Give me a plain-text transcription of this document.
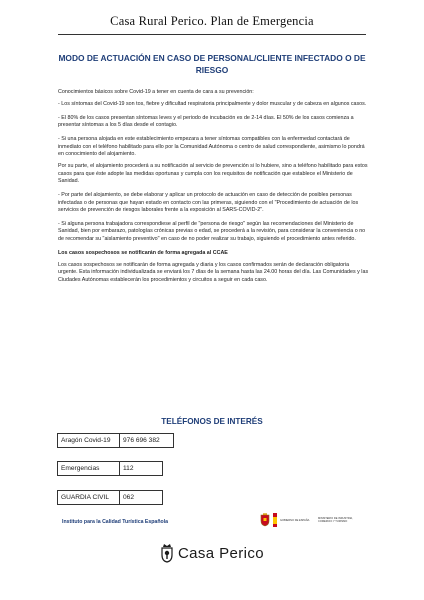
Casa Rural Perico. Plan de Emergencia
MODO DE ACTUACIÓN EN CASO DE PERSONAL/CLIENTE INFECTADO O DE RIESGO

Conocimientos básicos sobre Covid-19 a tener en cuenta de cara a su prevención:

- Los síntomas del Covid-19 son tos, fiebre y dificultad respiratoria principalmente y dolor muscular y de cabeza en algunos casos.

- El 80% de los casos presentan síntomas leves y el periodo de incubación es de 2-14 días. El 50% de los casos comienza a presentar síntomas a los 5 días desde el contagio.

- Si una persona alojada en este establecimiento empezara a tener síntomas compatibles con la enfermedad contactará de inmediato con el teléfono habilitado para ello por la Comunidad Autónoma o centro de salud correspondiente, asimismo lo pondrá en conocimiento del alojamiento.

Por su parte, el alojamiento procederá a su notificación al servicio de prevención si lo hubiere, sino a teléfono habilitado para estos casos para que éste adopte las medidas oportunas y cumpla con los requisitos de notificación que establece el Ministerio de Sanidad.

- Por parte del alojamiento, se debe elaborar y aplicar un protocolo de actuación en caso de detección de posibles personas infectadas o de personas que hayan estado en contacto con las primeras, siguiendo con el "Procedimiento de actuación de los servicios de prevención de riesgos laborales frente a la exposición al SARS-COVID-2".

- Si alguna persona trabajadora correspondiese al perfil de "persona de riesgo" según las recomendaciones del Ministerio de Sanidad, bien por embarazo, patologías crónicas previas o edad, se procederá a la revisión, para considerar la conveniencia o no de recomendar su "aislamiento preventivo" en caso de no poder realizar su trabajo, siguiendo el procedimiento antes referido.

Los casos sospechosos se notificarán de forma agregada al CCAE

Los casos sospechosos se notificarán de forma agregada y diaria y los casos confirmados serán de declaración obligatoria urgente. Esta información individualizada se enviará los 7 días de la semana hasta las 24.00 horas del día. Las Comunidades y las Ciudades Autónomas establecerán los procedimientos y circuitos a seguir en cada caso.

TELÉFONOS DE INTERÉS
Aragón Covid-19	976 696 382
Emergencias	112
GUARDIA CIVIL	062
Instituto para la Calidad Turística Española	GOBIERNO DE ESPAÑA	MINISTERIO DE INDUSTRIA, COMERCIO Y TURISMO
Casa Perico
